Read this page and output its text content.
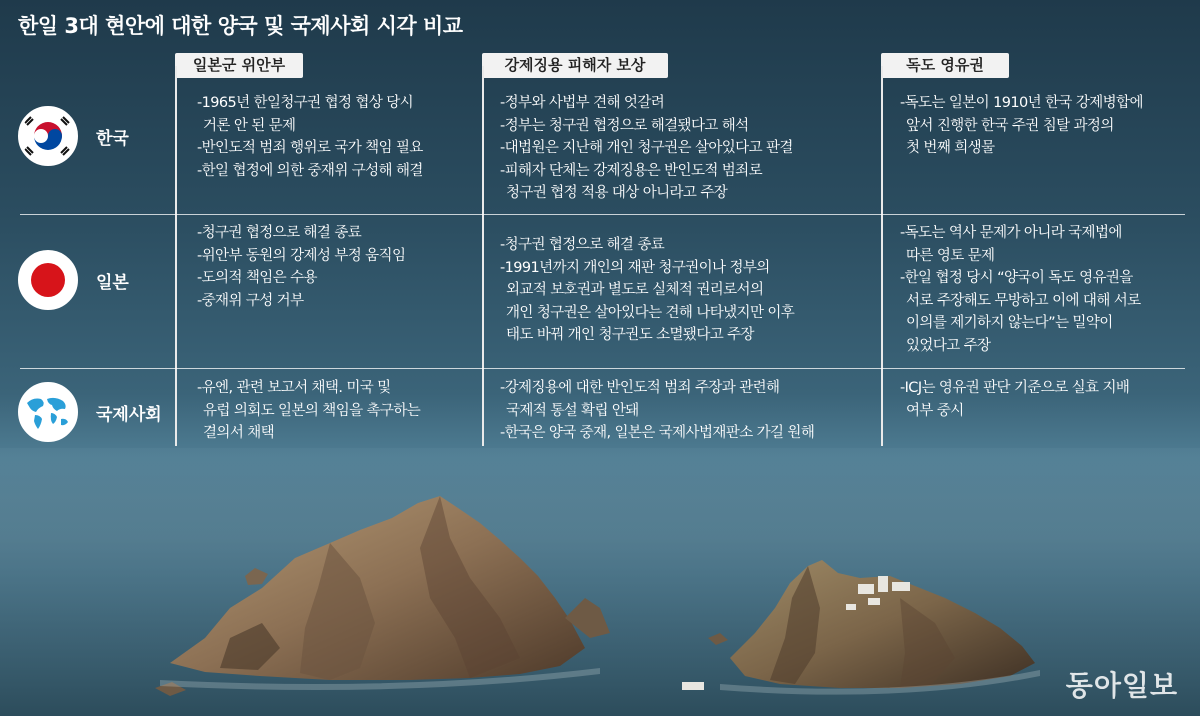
한일 3대 현안에 대한 양국 및 국제사회 시각 비교
일본군 위안부	강제징용 피해자 보상	독도 영유권
한국
일본
국제사회
-1965년 한일청구권 협정 협상 당시
거론 안 된 문제
-반인도적 범죄 행위로 국가 책임 필요
-한일 협정에 의한 중재위 구성해 해결
-정부와 사법부 견해 엇갈려
-정부는 청구권 협정으로 해결됐다고 해석
-대법원은 지난해 개인 청구권은 살아있다고 판결
-피해자 단체는 강제징용은 반인도적 범죄로
청구권 협정 적용 대상 아니라고 주장
-독도는 일본이 1910년 한국 강제병합에
앞서 진행한 한국 주권 침탈 과정의
첫 번째 희생물
-청구권 협정으로 해결 종료
-위안부 동원의 강제성 부정 움직임
-도의적 책임은 수용
-중재위 구성 거부
-청구권 협정으로 해결 종료
-1991년까지 개인의 재판 청구권이나 정부의
외교적 보호권과 별도로 실체적 권리로서의
개인 청구권은 살아있다는 견해 나타냈지만 이후
태도 바꿔 개인 청구권도 소멸됐다고 주장
-독도는 역사 문제가 아니라 국제법에
따른 영토 문제
-한일 협정 당시 “양국이 독도 영유권을
서로 주장해도 무방하고 이에 대해 서로
이의를 제기하지 않는다”는 밀약이
있었다고 주장
-유엔, 관련 보고서 채택. 미국 및
유럽 의회도 일본의 책임을 촉구하는
결의서 채택
-강제징용에 대한 반인도적 범죄 주장과 관련해
국제적 통설 확립 안돼
-한국은 양국 중재, 일본은 국제사법재판소 가길 원해
-ICJ는 영유권 판단 기준으로 실효 지배
여부 중시
동아일보
